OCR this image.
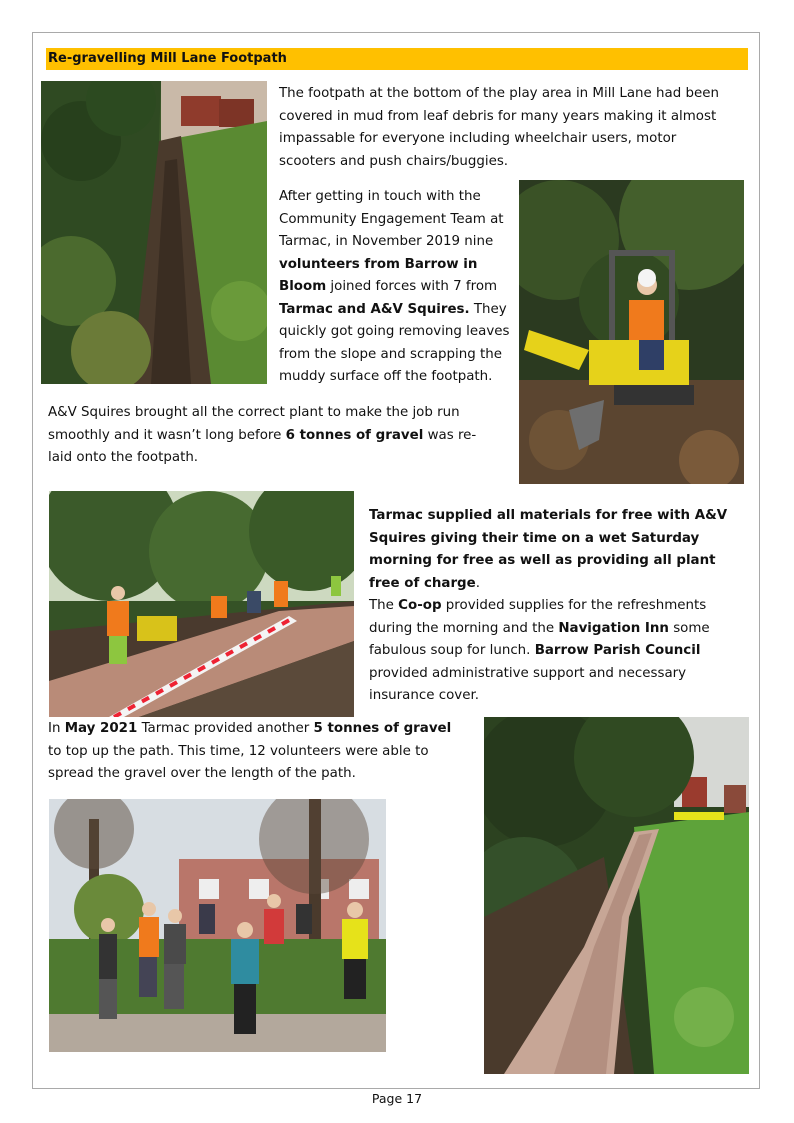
Re-gravelling Mill Lane Footpath

The footpath at the bottom of the play area in Mill Lane had been covered in mud from leaf debris for many years making it almost impassable for everyone including wheelchair users, motor scooters and push chairs/buggies.

After getting in touch with the Community Engagement Team at Tarmac, in November 2019 nine volunteers from Barrow in Bloom joined forces with 7 from Tarmac and A&V Squires. They quickly got going removing leaves from the slope and scrapping the muddy surface off the footpath.

A&V Squires brought all the correct plant to make the job run smoothly and it wasn’t long before 6 tonnes of gravel was re-laid onto the footpath.

Tarmac supplied all materials for free with A&V Squires giving their time on a wet Saturday morning for free as well as providing all plant free of charge.
The Co-op provided supplies for the refreshments during the morning and the Navigation Inn some fabulous soup for lunch. Barrow Parish Council provided administrative support and necessary insurance cover.

In May 2021 Tarmac provided another 5 tonnes of gravel to top up the path. This time, 12 volunteers were able to spread the gravel over the length of the path.

Page 17
